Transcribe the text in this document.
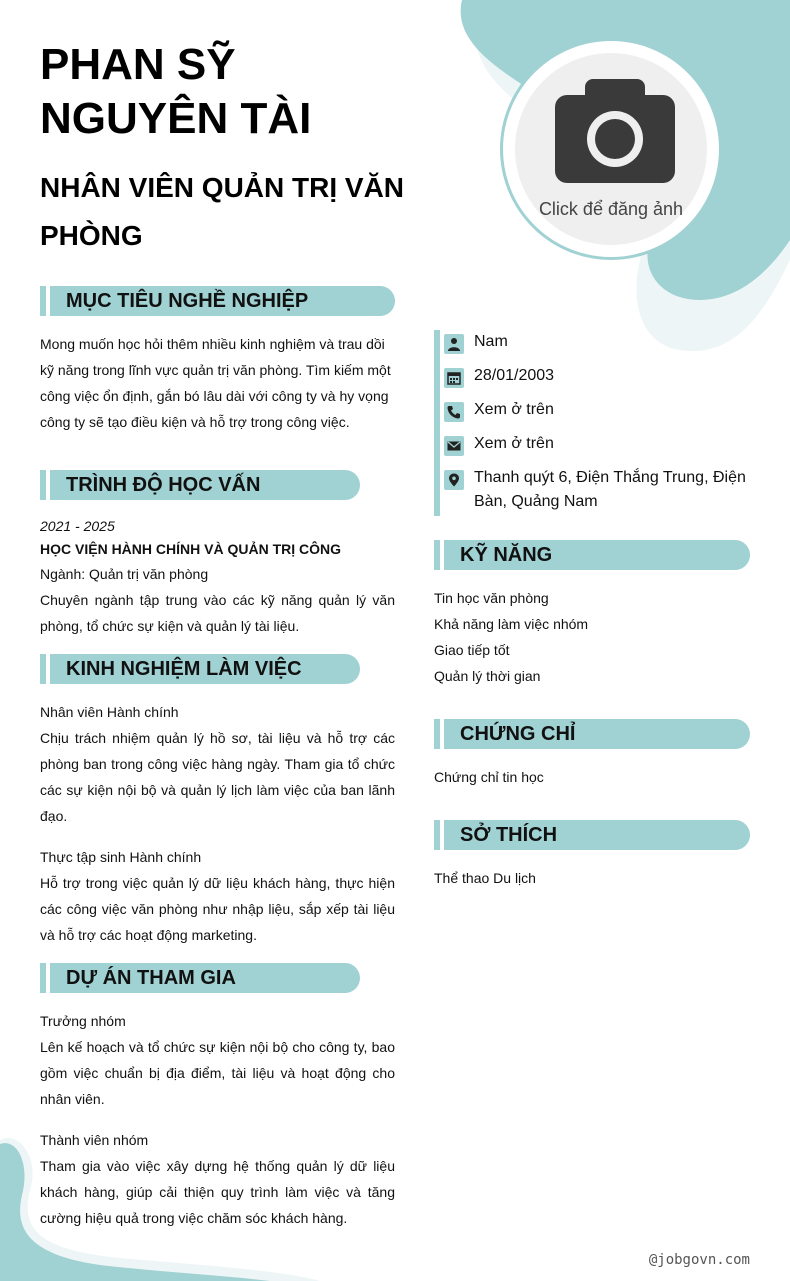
PHAN SỸ
NGUYÊN TÀI
NHÂN VIÊN QUẢN TRỊ VĂN PHÒNG
Click để đăng ảnh
MỤC TIÊU NGHỀ NGHIỆP

Mong muốn học hỏi thêm nhiều kinh nghiệm và trau dồi kỹ năng trong lĩnh vực quản trị văn phòng. Tìm kiếm một công việc ổn định, gắn bó lâu dài với công ty và hy vọng công ty sẽ tạo điều kiện và hỗ trợ trong công việc.

TRÌNH ĐỘ HỌC VẤN
2021 - 2025
HỌC VIỆN HÀNH CHÍNH VÀ QUẢN TRỊ CÔNG
Ngành: Quản trị văn phòng

Chuyên ngành tập trung vào các kỹ năng quản lý văn phòng, tổ chức sự kiện và quản lý tài liệu.

KINH NGHIỆM LÀM VIỆC
Nhân viên Hành chính

Chịu trách nhiệm quản lý hồ sơ, tài liệu và hỗ trợ các phòng ban trong công việc hàng ngày. Tham gia tổ chức các sự kiện nội bộ và quản lý lịch làm việc của ban lãnh đạo.

Thực tập sinh Hành chính

Hỗ trợ trong việc quản lý dữ liệu khách hàng, thực hiện các công việc văn phòng như nhập liệu, sắp xếp tài liệu và hỗ trợ các hoạt động marketing.

DỰ ÁN THAM GIA
Trưởng nhóm

Lên kế hoạch và tổ chức sự kiện nội bộ cho công ty, bao gồm việc chuẩn bị địa điểm, tài liệu và hoạt động cho nhân viên.

Thành viên nhóm

Tham gia vào việc xây dựng hệ thống quản lý dữ liệu khách hàng, giúp cải thiện quy trình làm việc và tăng cường hiệu quả trong việc chăm sóc khách hàng.

Nam
28/01/2003
Xem ở trên
Xem ở trên
Thanh quýt 6, Điện Thắng Trung, Điện Bàn, Quảng Nam
KỸ NĂNG
Tin học văn phòng
Khả năng làm việc nhóm
Giao tiếp tốt
Quản lý thời gian
CHỨNG CHỈ
Chứng chỉ tin học
SỞ THÍCH
Thể thao Du lịch
@jobgovn.com
